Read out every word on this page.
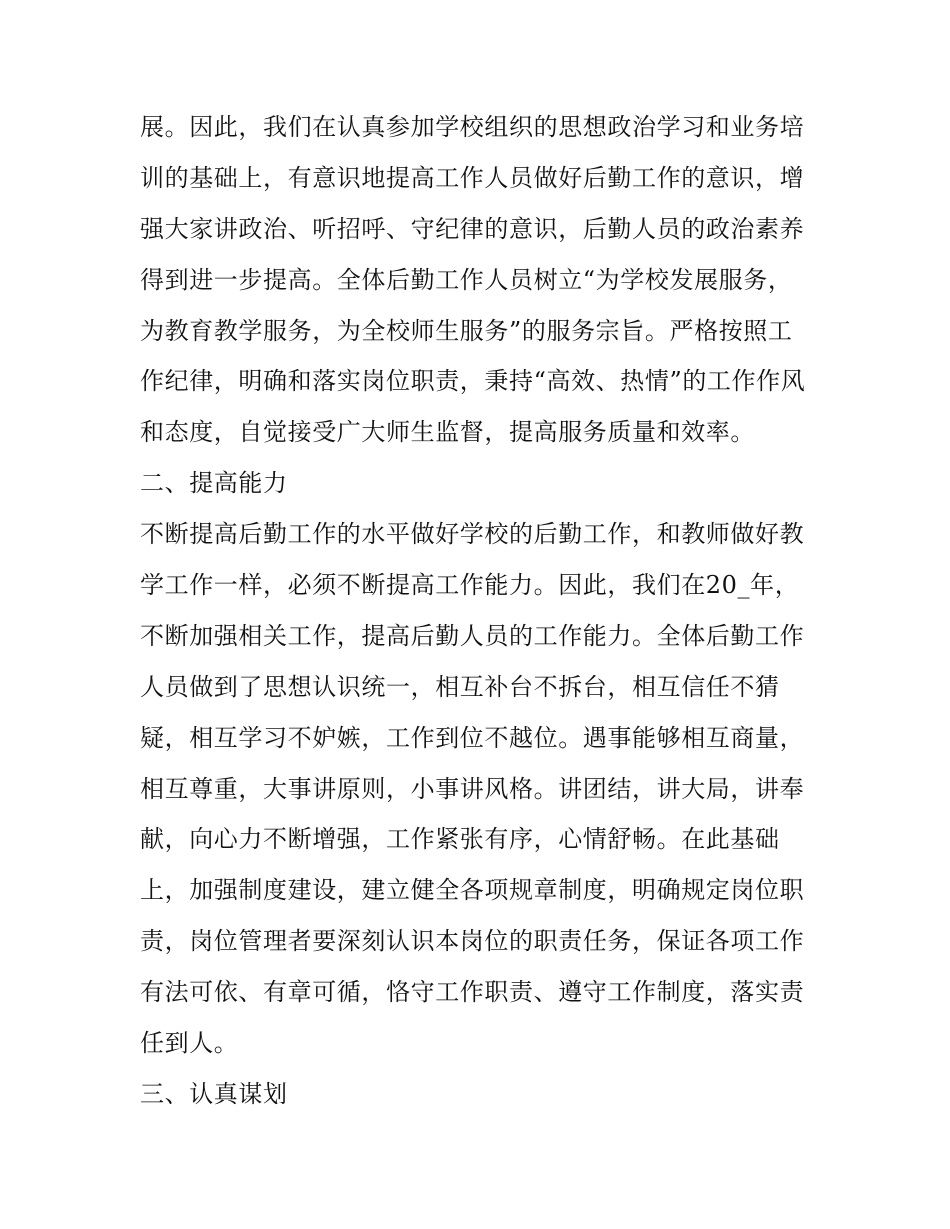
展。因此，我们在认真参加学校组织的思想政治学习和业务培
训的基础上，有意识地提高工作人员做好后勤工作的意识，增
强大家讲政治、听招呼、守纪律的意识，后勤人员的政治素养
得到进一步提高。全体后勤工作人员树立“为学校发展服务，
为教育教学服务，为全校师生服务”的服务宗旨。严格按照工
作纪律，明确和落实岗位职责，秉持“高效、热情”的工作作风
和态度，自觉接受广大师生监督，提高服务质量和效率。
二、提高能力
不断提高后勤工作的水平做好学校的后勤工作，和教师做好教
学工作一样，必须不断提高工作能力。因此，我们在20_年，
不断加强相关工作，提高后勤人员的工作能力。全体后勤工作
人员做到了思想认识统一，相互补台不拆台，相互信任不猜
疑，相互学习不妒嫉，工作到位不越位。遇事能够相互商量，
相互尊重，大事讲原则，小事讲风格。讲团结，讲大局，讲奉
献，向心力不断增强，工作紧张有序，心情舒畅。在此基础
上，加强制度建设，建立健全各项规章制度，明确规定岗位职
责，岗位管理者要深刻认识本岗位的职责任务，保证各项工作
有法可依、有章可循，恪守工作职责、遵守工作制度，落实责
任到人。
三、认真谋划
